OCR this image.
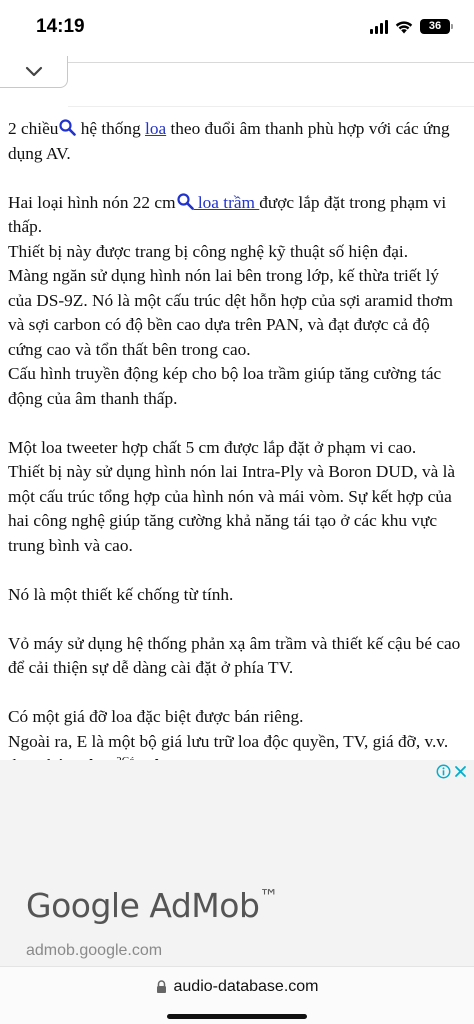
14:19	36

2 chiều hệ thống loa theo đuổi âm thanh phù hợp với các ứng dụng AV.

Hai loại hình nón 22 cm loa trầm được lắp đặt trong phạm vi thấp.
Thiết bị này được trang bị công nghệ kỹ thuật số hiện đại.
Màng ngăn sử dụng hình nón lai bên trong lớp, kế thừa triết lý của DS-9Z. Nó là một cấu trúc dệt hỗn hợp của sợi aramid thơm và sợi carbon có độ bền cao dựa trên PAN, và đạt được cả độ cứng cao và tổn thất bên trong cao.
Cấu hình truyền động kép cho bộ loa trầm giúp tăng cường tác động của âm thanh thấp.

Một loa tweeter hợp chất 5 cm được lắp đặt ở phạm vi cao.
Thiết bị này sử dụng hình nón lai Intra-Ply và Boron DUD, và là một cấu trúc tổng hợp của hình nón và mái vòm. Sự kết hợp của hai công nghệ giúp tăng cường khả năng tái tạo ở các khu vực trung bình và cao.

Nó là một thiết kế chống từ tính.

Vỏ máy sử dụng hệ thống phản xạ âm trầm và thiết kế cậu bé cao để cải thiện sự dễ dàng cài đặt ở phía TV.

Có một giá đỡ loa đặc biệt được bán riêng.
Ngoài ra, E là một bộ giá lưu trữ loa độc quyền, TV, giá đỡ, v.v.

Google AdMob™
admob.google.com
audio-database.com
